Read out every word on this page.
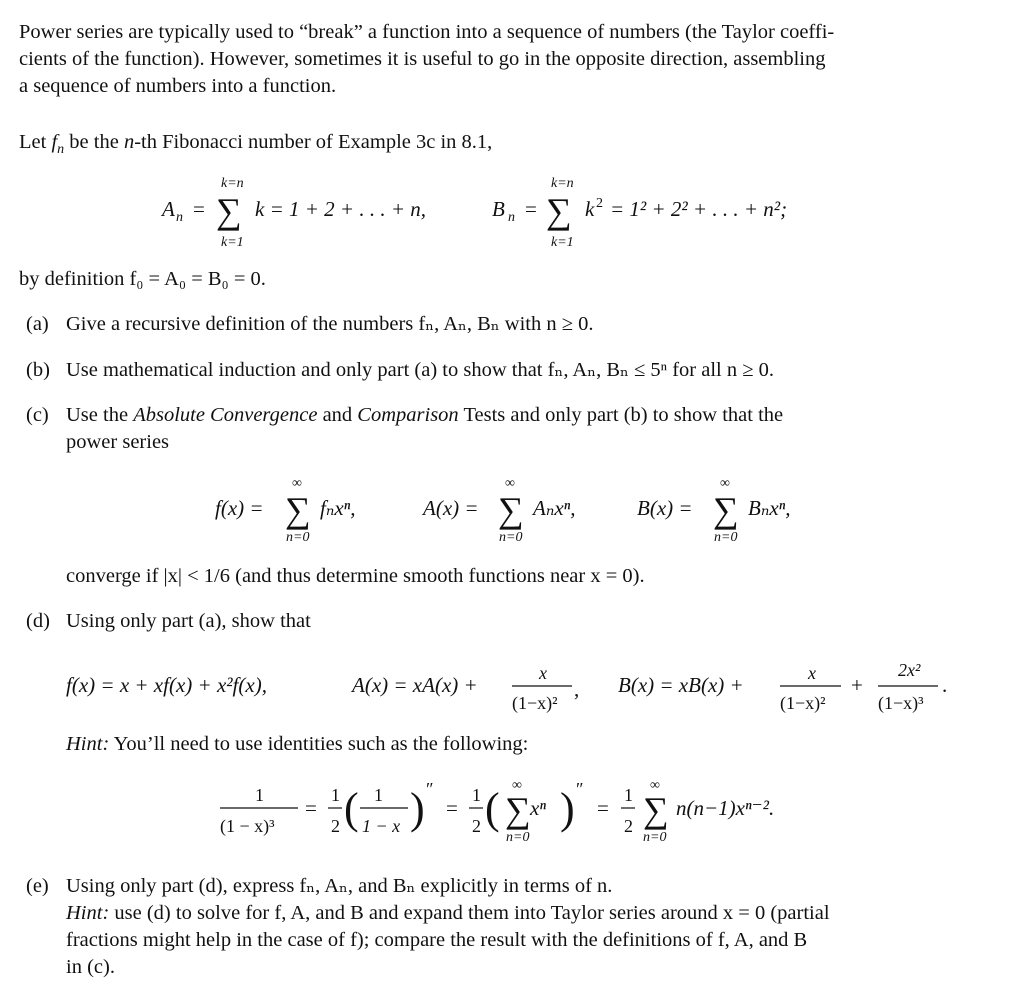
Power series are typically used to “break” a function into a sequence of numbers (the Taylor coeffi-
cients of the function). However, sometimes it is useful to go in the opposite direction, assembling
a sequence of numbers into a function.
Let $f_n$ be the n-th Fibonacci number of Example 3c in 8.1,
A n =
k=n
∑
k=1
k = 1 + 2 + . . . + n,	B n =
k=n
∑
k=1
k 2 = 1² + 2² + . . . + n²;
by definition f₀ = A₀ = B₀ = 0.
(a) Give a recursive definition of the numbers fₙ, Aₙ, Bₙ with n ≥ 0.
(b) Use mathematical induction and only part (a) to show that fₙ, Aₙ, Bₙ ≤ 5ⁿ for all n ≥ 0.
(c) Use the Absolute Convergence and Comparison Tests and only part (b) to show that the
power series
f(x) =
∞
∑
n=0
fₙxⁿ,	A(x) =
∞
∑
n=0
Aₙxⁿ,	B(x) =
∞
∑
n=0
Bₙxⁿ,
converge if |x| < 1/6 (and thus determine smooth functions near x = 0).
(d) Using only part (a), show that
f(x) = x + xf(x) + x²f(x),	A(x) = xA(x) +	x
(1−x)²
, B(x) = xB(x) +	x
(1−x)²
+
2x²
(1−x)³
.
Hint: You’ll need to use identities such as the following:
1
(1 − x)³
=
1
2 ( 1
1 − x ) ″
=
1
2 ( ∞
∑
n=0
xⁿ ) ″
=
1
2
∞
∑
n=0
n(n−1)xⁿ⁻².
(e) Using only part (d), express fₙ, Aₙ, and Bₙ explicitly in terms of n.
Hint: use (d) to solve for f, A, and B and expand them into Taylor series around x = 0 (partial
fractions might help in the case of f); compare the result with the definitions of f, A, and B
in (c).
